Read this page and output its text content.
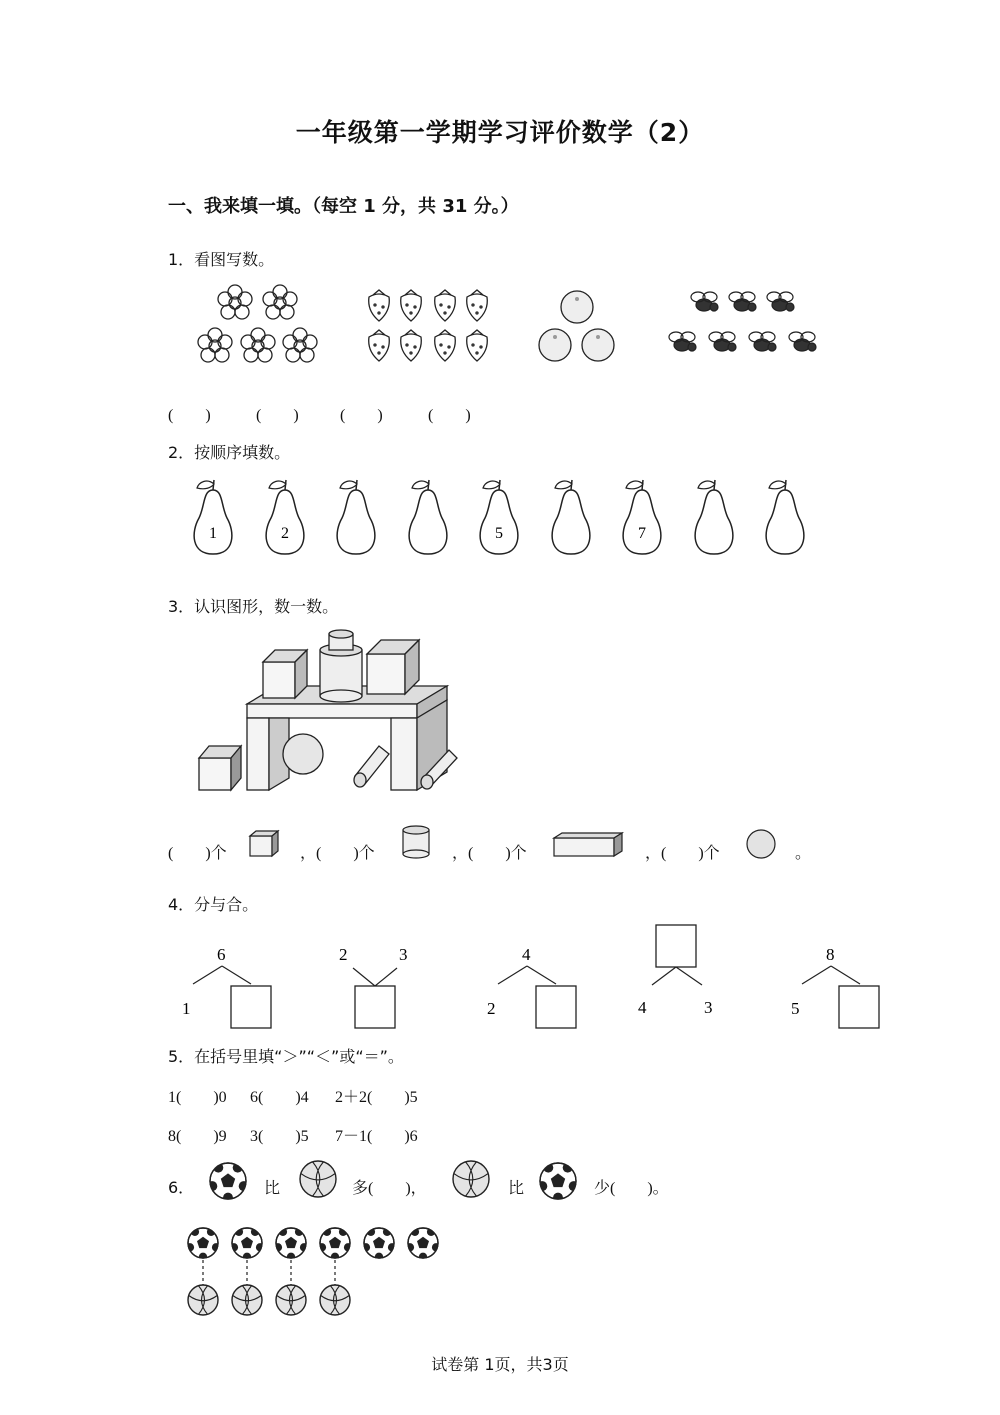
一年级第一学期学习评价数学（2）
一、我来填一填。（每空 1 分，共 31 分。）
1．看图写数。
(　　)	(　　)	(　　)	(　　)
2．按顺序填数。
1	2	5	7
3．认识图形，数一数。
(　　)个	，(　　)个	，(　　)个	，(　　)个	。
4．分与合。
6
1
2	3	4
2	4	3
8
5
5．在括号里填“＞”“＜”或“＝”。
1(　　)0 6(　　)4 2＋2(　　)5
8(　　)9 3(　　)5 7－1(　　)6
6．	比	多(　　)，	比	少(　　)。
试卷第 1页，共3页
